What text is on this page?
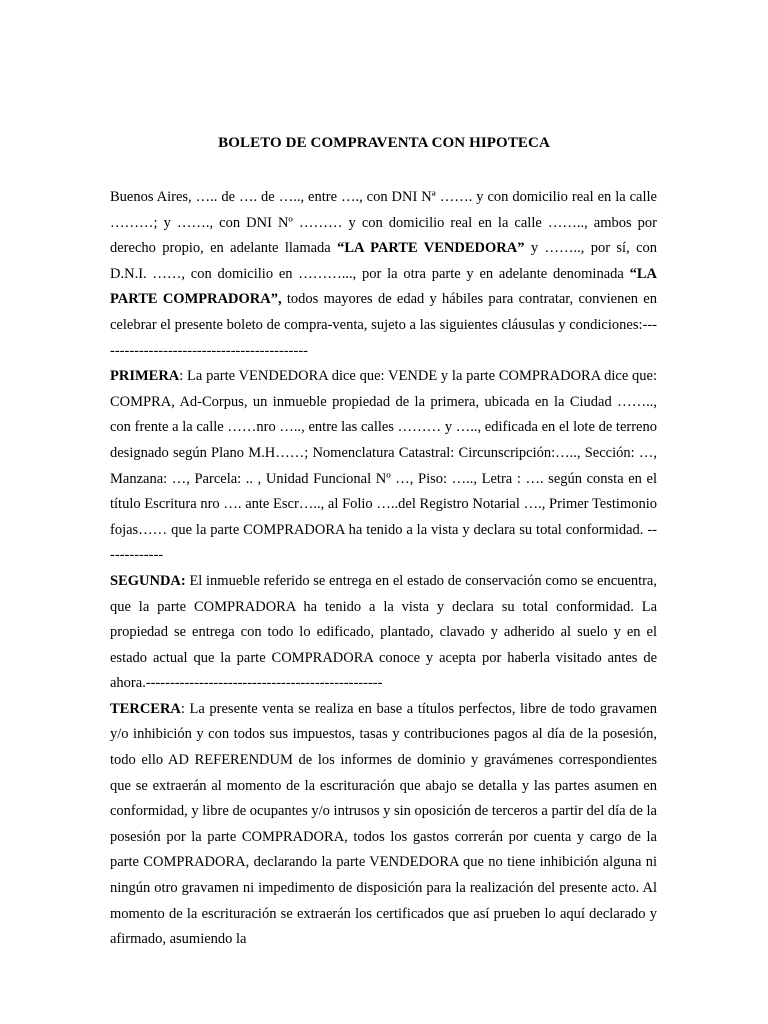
BOLETO DE COMPRAVENTA CON HIPOTECA

Buenos Aires, ….. de …. de ….., entre …., con DNI Nª ……. y con domicilio real en la calle ………; y ……., con DNI Nº ……… y con domicilio real en la calle …….., ambos por derecho propio, en adelante llamada “LA PARTE VENDEDORA” y …….., por sí, con D.N.I. ……, con domicilio en ………..., por la otra parte y en adelante denominada “LA PARTE COMPRADORA”, todos mayores de edad y hábiles para contratar, convienen en celebrar el presente boleto de compra-venta, sujeto a las siguientes cláusulas y condiciones:--------------------------------------------

PRIMERA: La parte VENDEDORA dice que: VENDE y la parte COMPRADORA dice que: COMPRA, Ad-Corpus, un inmueble propiedad de la primera, ubicada en la Ciudad …….., con frente a la calle ……nro ….., entre las calles ……… y ….., edificada en el lote de terreno designado según Plano M.H……; Nomenclatura Catastral: Circunscripción:….., Sección: …, Manzana: …, Parcela: .. , Unidad Funcional Nº …, Piso: ….., Letra : …. según consta en el título Escritura nro …. ante Escr….., al Folio …..del Registro Notarial …., Primer Testimonio fojas…… que la parte COMPRADORA ha tenido a la vista y declara su total conformidad. -------------

SEGUNDA: El inmueble referido se entrega en el estado de conservación como se encuentra, que la parte COMPRADORA ha tenido a la vista y declara su total conformidad. La propiedad se entrega con todo lo edificado, plantado, clavado y adherido al suelo y en el estado actual que la parte COMPRADORA conoce y acepta por haberla visitado antes de ahora.-------------------------------------------------

TERCERA: La presente venta se realiza en base a títulos perfectos, libre de todo gravamen y/o inhibición y con todos sus impuestos, tasas y contribuciones pagos al día de la posesión, todo ello AD REFERENDUM de los informes de dominio y gravámenes correspondientes que se extraerán al momento de la escrituración que abajo se detalla y las partes asumen en conformidad, y libre de ocupantes y/o intrusos y sin oposición de terceros a partir del día de la posesión por la parte COMPRADORA, todos los gastos correrán por cuenta y cargo de la parte COMPRADORA, declarando la parte VENDEDORA que no tiene inhibición alguna ni ningún otro gravamen ni impedimento de disposición para la realización del presente acto. Al momento de la escrituración se extraerán los certificados que así prueben lo aquí declarado y afirmado, asumiendo la
